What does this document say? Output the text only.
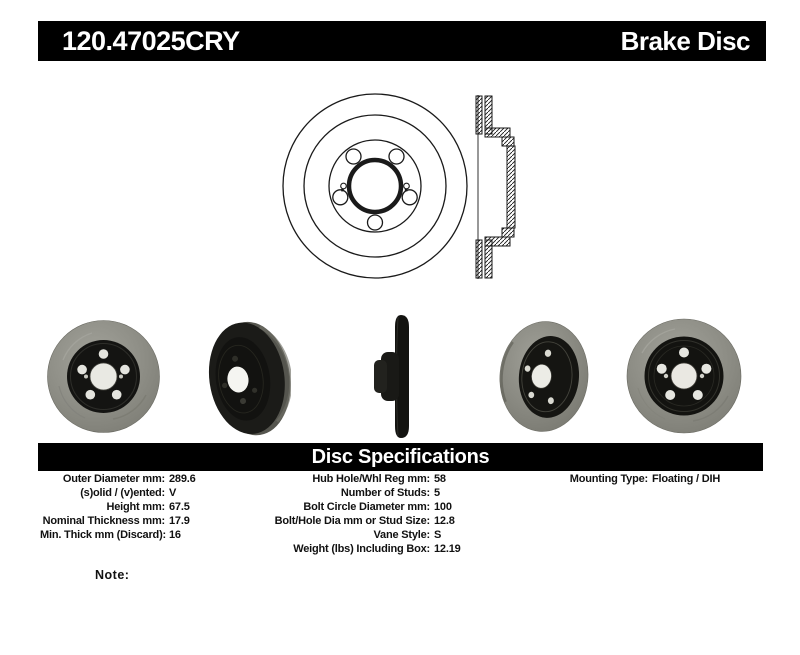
120.47025CRY	Brake Disc
Disc Specifications
Outer Diameter mm: 289.6
(s)olid / (v)ented: V
Height mm: 67.5
Nominal Thickness mm: 17.9
Min. Thick mm (Discard): 16
Hub Hole/Whl Reg mm: 58
Number of Studs: 5
Bolt Circle Diameter mm: 100
Bolt/Hole Dia mm or Stud Size: 12.8
Vane Style: S
Weight (lbs) Including Box: 12.19
Mounting Type: Floating / DIH
Note:
